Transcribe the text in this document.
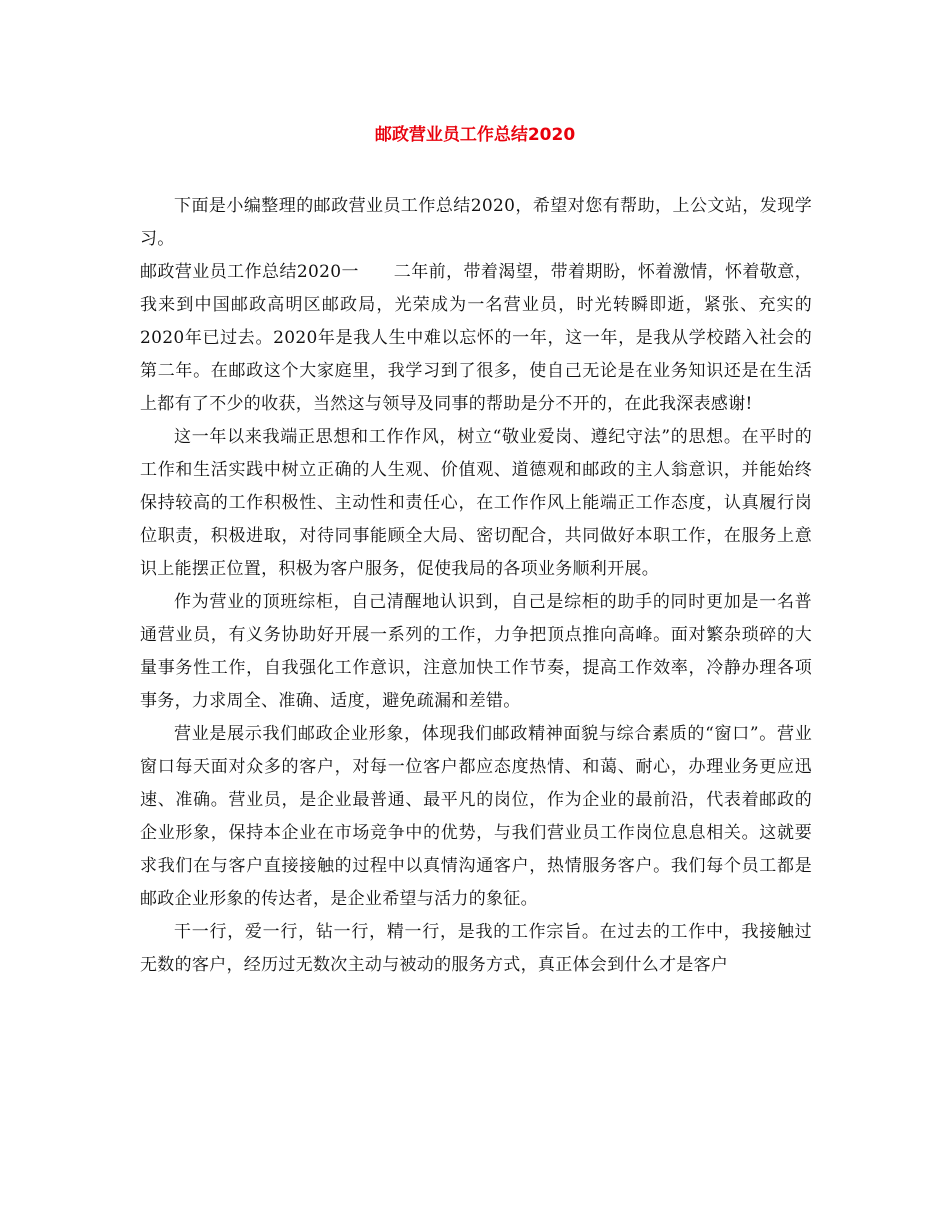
邮政营业员工作总结2020

下面是小编整理的邮政营业员工作总结2020，希望对您有帮助，上公文站，发现学习。

邮政营业员工作总结2020一　　二年前，带着渴望，带着期盼，怀着激情，怀着敬意，我来到中国邮政高明区邮政局，光荣成为一名营业员，时光转瞬即逝，紧张、充实的2020年已过去。2020年是我人生中难以忘怀的一年，这一年，是我从学校踏入社会的第二年。在邮政这个大家庭里，我学习到了很多，使自己无论是在业务知识还是在生活上都有了不少的收获，当然这与领导及同事的帮助是分不开的，在此我深表感谢!

这一年以来我端正思想和工作作风，树立“敬业爱岗、遵纪守法”的思想。在平时的工作和生活实践中树立正确的人生观、价值观、道德观和邮政的主人翁意识，并能始终保持较高的工作积极性、主动性和责任心，在工作作风上能端正工作态度，认真履行岗位职责，积极进取，对待同事能顾全大局、密切配合，共同做好本职工作，在服务上意识上能摆正位置，积极为客户服务，促使我局的各项业务顺利开展。

作为营业的顶班综柜，自己清醒地认识到，自己是综柜的助手的同时更加是一名普通营业员，有义务协助好开展一系列的工作，力争把顶点推向高峰。面对繁杂琐碎的大量事务性工作，自我强化工作意识，注意加快工作节奏，提高工作效率，冷静办理各项事务，力求周全、准确、适度，避免疏漏和差错。

营业是展示我们邮政企业形象，体现我们邮政精神面貌与综合素质的“窗口”。营业窗口每天面对众多的客户，对每一位客户都应态度热情、和蔼、耐心，办理业务更应迅速、准确。营业员，是企业最普通、最平凡的岗位，作为企业的最前沿，代表着邮政的企业形象，保持本企业在市场竞争中的优势，与我们营业员工作岗位息息相关。这就要求我们在与客户直接接触的过程中以真情沟通客户，热情服务客户。我们每个员工都是邮政企业形象的传达者，是企业希望与活力的象征。

干一行，爱一行，钻一行，精一行，是我的工作宗旨。在过去的工作中，我接触过无数的客户，经历过无数次主动与被动的服务方式，真正体会到什么才是客户
